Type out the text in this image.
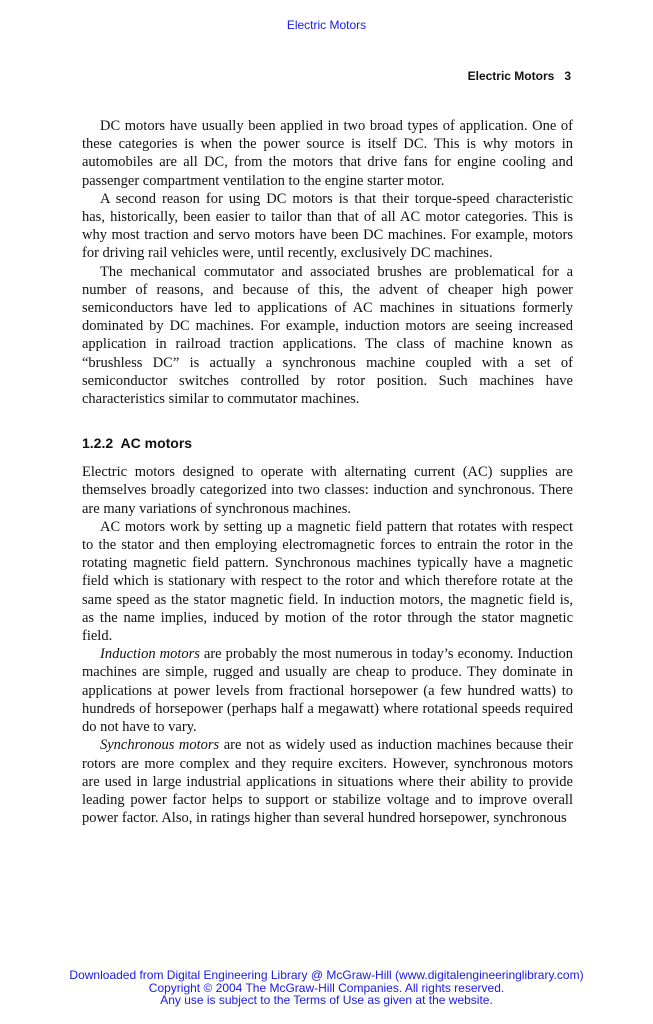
Electric Motors
Electric Motors 3

DC motors have usually been applied in two broad types of application. One of these categories is when the power source is itself DC. This is why motors in automobiles are all DC, from the motors that drive fans for engine cooling and passenger compartment ventilation to the engine starter motor.

A second reason for using DC motors is that their torque-speed characteristic has, historically, been easier to tailor than that of all AC motor categories. This is why most traction and servo motors have been DC machines. For example, motors for driving rail vehicles were, until recently, exclusively DC machines.

The mechanical commutator and associated brushes are problematical for a number of reasons, and because of this, the advent of cheaper high power semiconductors have led to applications of AC machines in situations formerly dominated by DC machines. For example, induction motors are seeing increased application in railroad traction applications. The class of machine known as “brushless DC” is actually a synchronous machine coupled with a set of semiconductor switches controlled by rotor position. Such machines have characteristics similar to commutator machines.

1.2.2 AC motors

Electric motors designed to operate with alternating current (AC) supplies are themselves broadly categorized into two classes: induction and synchronous. There are many variations of synchronous machines.

AC motors work by setting up a magnetic field pattern that rotates with respect to the stator and then employing electromagnetic forces to entrain the rotor in the rotating magnetic field pattern. Synchronous machines typically have a magnetic field which is stationary with respect to the rotor and which therefore rotate at the same speed as the stator magnetic field. In induction motors, the magnetic field is, as the name implies, induced by motion of the rotor through the stator magnetic field.

Induction motors are probably the most numerous in today’s economy. Induction machines are simple, rugged and usually are cheap to produce. They dominate in applications at power levels from fractional horsepower (a few hundred watts) to hundreds of horsepower (perhaps half a megawatt) where rotational speeds required do not have to vary.

Synchronous motors are not as widely used as induction machines because their rotors are more complex and they require exciters. However, synchronous motors are used in large industrial applications in situations where their ability to provide leading power factor helps to support or stabilize voltage and to improve overall power factor. Also, in ratings higher than several hundred horsepower, synchronous

Downloaded from Digital Engineering Library @ McGraw-Hill (www.digitalengineeringlibrary.com)
Copyright © 2004 The McGraw-Hill Companies. All rights reserved.
Any use is subject to the Terms of Use as given at the website.
